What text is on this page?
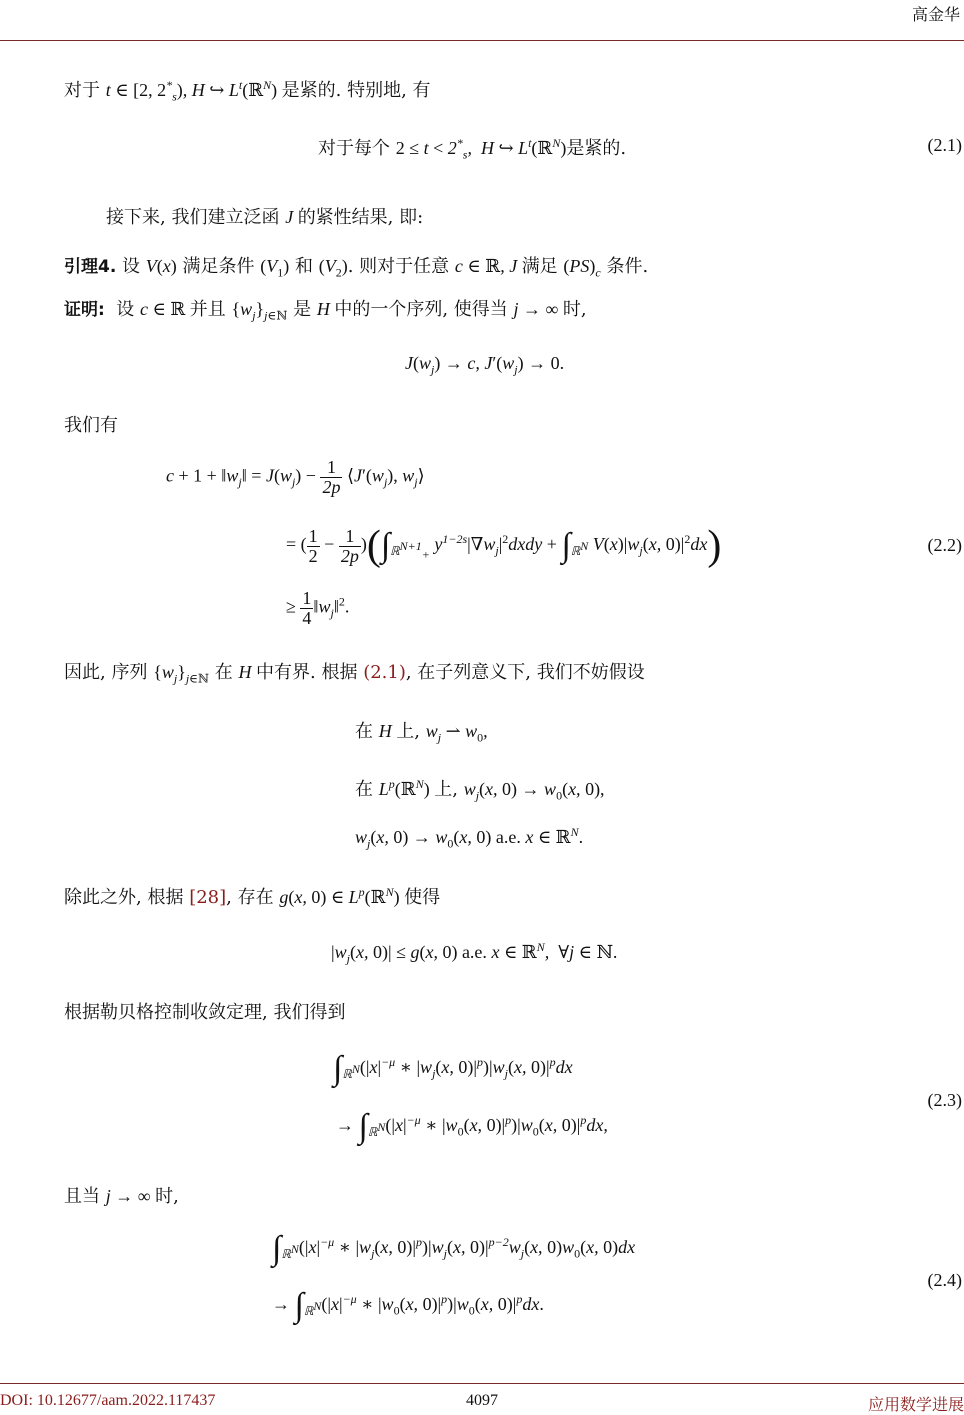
高金华
对于 t ∈ [2, $2^*_s$), H ↪ $L^t(ℝ^N)$ 是紧的. 特别地, 有
对于每个 $2 \le t < 2^*_s$,  H ↪ $L^t(ℝ^N)$是紧的.	(2.1)
接下来, 我们建立泛函 J 的紧性结果, 即:
引理4. 设 V(x) 满足条件 $(V_1)$ 和 $(V_2)$. 则对于任意 c ∈ ℝ, J 满足 $(PS)_c$ 条件.
证明: 设 c ∈ ℝ 并且 $\{w_j\}_{j\in ℕ}$ 是 H 中的一个序列, 使得当 j → ∞ 时,
$J(w_j) \to c$, $J'(w_j) \to 0$.
我们有
$c + 1 + ‖w_j‖ = J(w_j) - \frac{1}{2p}$ $⟨J'(w_j)$, $w_j⟩$
= ( $\frac{1}{2} - \frac{1}{2p} )(\int_{ℝ^{N+1}_+}$ $y^{1-2s}|\nabla w_j|^2dxdy + \int_{ℝ^N}$ $V(x)|w_j(x$, $0)|^2dx$)
≥ $\frac{1}{4}$ $‖w_j‖^2$.
(2.2)
因此, 序列 $\{w_j\}_{j\in ℕ}$ 在 H 中有界. 根据 (2.1), 在子列意义下, 我们不妨假设
在 H 上, $w_j$ ⇀ $w_0$,
在 $L^p(ℝ^N)$ 上, $w_j(x$, $0) \to w_0(x$, 0),
$w_j(x$, $0) \to w_0(x$, 0) a.e. x ∈ ℝ$^N$.
除此之外, 根据 [28], 存在 g(x, 0) ∈ $L^p(ℝ^N)$ 使得
$|w_j(x$, 0)| ≤ g(x, 0) a.e. x ∈ ℝ$^N$,  ∀j ∈ ℕ.
根据勒贝格控制收敛定理, 我们得到
$\int_{ℝ^N}(|x|^{-\mu}$ ∗ $|w_j(x$, $0)|^p)|w_j(x$, $0)|^pdx$
→ $\int_{ℝ^N}(|x|^{-\mu}$ ∗ $|w_0(x$, $0)|^p)|w_0(x$, $0)|^pdx$,
(2.3)
且当 j → ∞ 时,
$\int_{ℝ^N}(|x|^{-\mu}$ ∗ $|w_j(x$, $0)|^p)|w_j(x$, $0)|^{p-2}w_j(x$, $0)w_0(x$, 0)dx
→ $\int_{ℝ^N}(|x|^{-\mu}$ ∗ $|w_0(x$, $0)|^p)|w_0(x$, $0)|^pdx$.
(2.4)
DOI: 10.12677/aam.2022.117437	4097	应用数学进展
